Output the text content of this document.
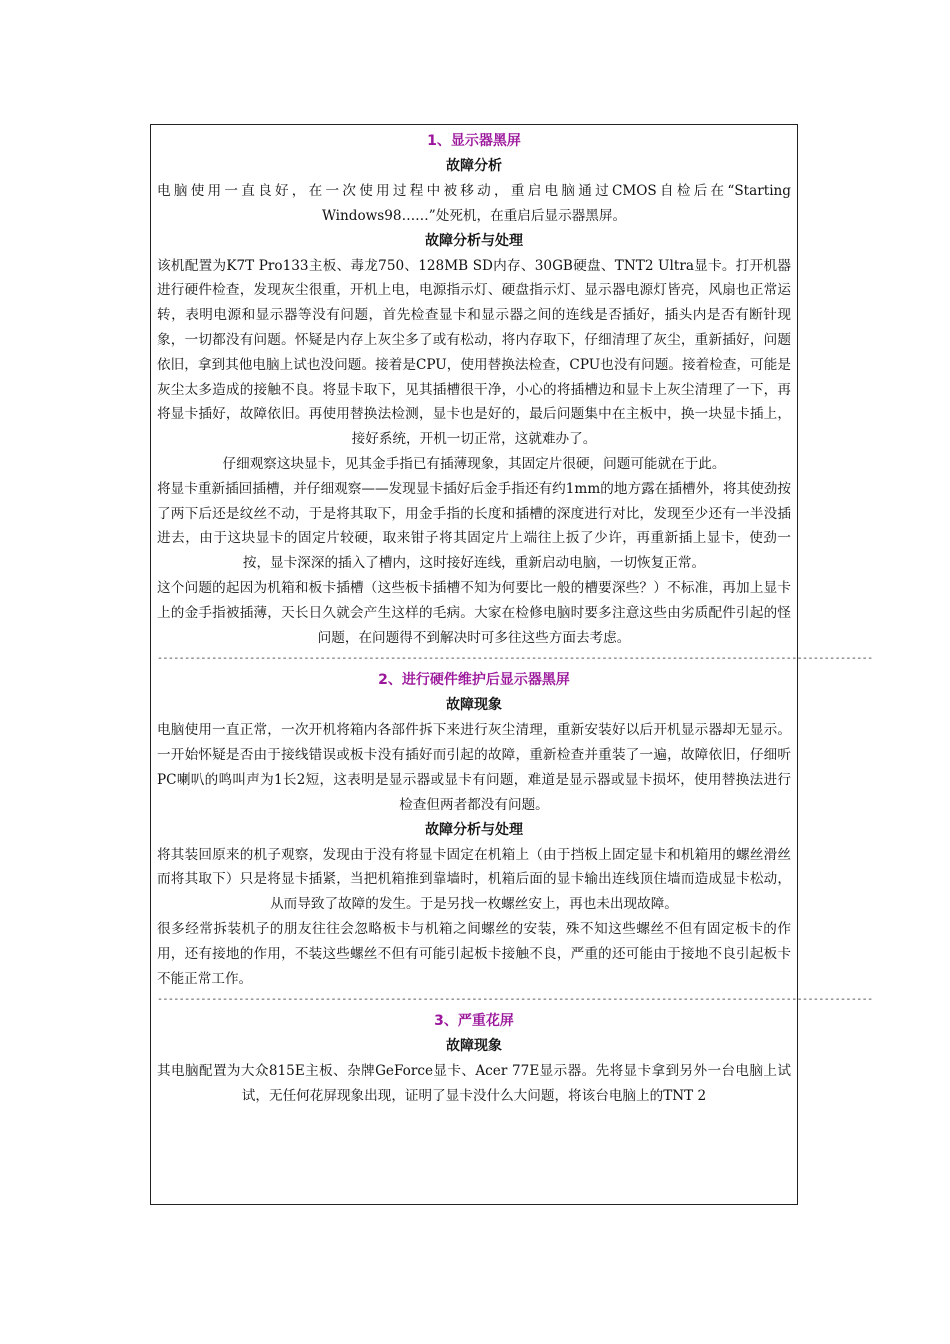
1、显示器黑屏
故障分析

电脑使用一直良好，在一次使用过程中被移动，重启电脑通过CMOS自检后在“Starting Windows98……”处死机，在重启后显示器黑屏。

故障分析与处理

该机配置为K7T Pro133主板、毒龙750、128MB SD内存、30GB硬盘、TNT2 Ultra显卡。打开机器进行硬件检查，发现灰尘很重，开机上电，电源指示灯、硬盘指示灯、显示器电源灯皆亮，风扇也正常运转，表明电源和显示器等没有问题，首先检查显卡和显示器之间的连线是否插好，插头内是否有断针现象，一切都没有问题。怀疑是内存上灰尘多了或有松动，将内存取下，仔细清理了灰尘，重新插好，问题依旧，拿到其他电脑上试也没问题。接着是CPU，使用替换法检查，CPU也没有问题。接着检查，可能是灰尘太多造成的接触不良。将显卡取下，见其插槽很干净，小心的将插槽边和显卡上灰尘清理了一下，再将显卡插好，故障依旧。再使用替换法检测，显卡也是好的，最后问题集中在主板中，换一块显卡插上，接好系统，开机一切正常，这就难办了。

仔细观察这块显卡，见其金手指已有插薄现象，其固定片很硬，问题可能就在于此。

将显卡重新插回插槽，并仔细观察——发现显卡插好后金手指还有约1mm的地方露在插槽外，将其使劲按了两下后还是纹丝不动，于是将其取下，用金手指的长度和插槽的深度进行对比，发现至少还有一半没插进去，由于这块显卡的固定片较硬，取来钳子将其固定片上端往上扳了少许，再重新插上显卡，使劲一按，显卡深深的插入了槽内，这时接好连线，重新启动电脑，一切恢复正常。

这个问题的起因为机箱和板卡插槽（这些板卡插槽不知为何要比一般的槽要深些？）不标准，再加上显卡上的金手指被插薄，天长日久就会产生这样的毛病。大家在检修电脑时要多注意这些由劣质配件引起的怪问题，在问题得不到解决时可多往这些方面去考虑。

------------------------------------------------------------------------------------------------------------------------------------
2、进行硬件维护后显示器黑屏
故障现象

电脑使用一直正常，一次开机将箱内各部件拆下来进行灰尘清理，重新安装好以后开机显示器却无显示。一开始怀疑是否由于接线错误或板卡没有插好而引起的故障，重新检查并重装了一遍，故障依旧，仔细听PC喇叭的鸣叫声为1长2短，这表明是显示器或显卡有问题，难道是显示器或显卡损坏，使用替换法进行检查但两者都没有问题。

故障分析与处理

将其装回原来的机子观察，发现由于没有将显卡固定在机箱上（由于挡板上固定显卡和机箱用的螺丝滑丝而将其取下）只是将显卡插紧，当把机箱推到靠墙时，机箱后面的显卡输出连线顶住墙而造成显卡松动，从而导致了故障的发生。于是另找一枚螺丝安上，再也未出现故障。

很多经常拆装机子的朋友往往会忽略板卡与机箱之间螺丝的安装，殊不知这些螺丝不但有固定板卡的作用，还有接地的作用，不装这些螺丝不但有可能引起板卡接触不良，严重的还可能由于接地不良引起板卡不能正常工作。

------------------------------------------------------------------------------------------------------------------------------------
3、严重花屏
故障现象

其电脑配置为大众815E主板、杂牌GeForce显卡、Acer 77E显示器。先将显卡拿到另外一台电脑上试试，无任何花屏现象出现，证明了显卡没什么大问题，将该台电脑上的TNT 2
